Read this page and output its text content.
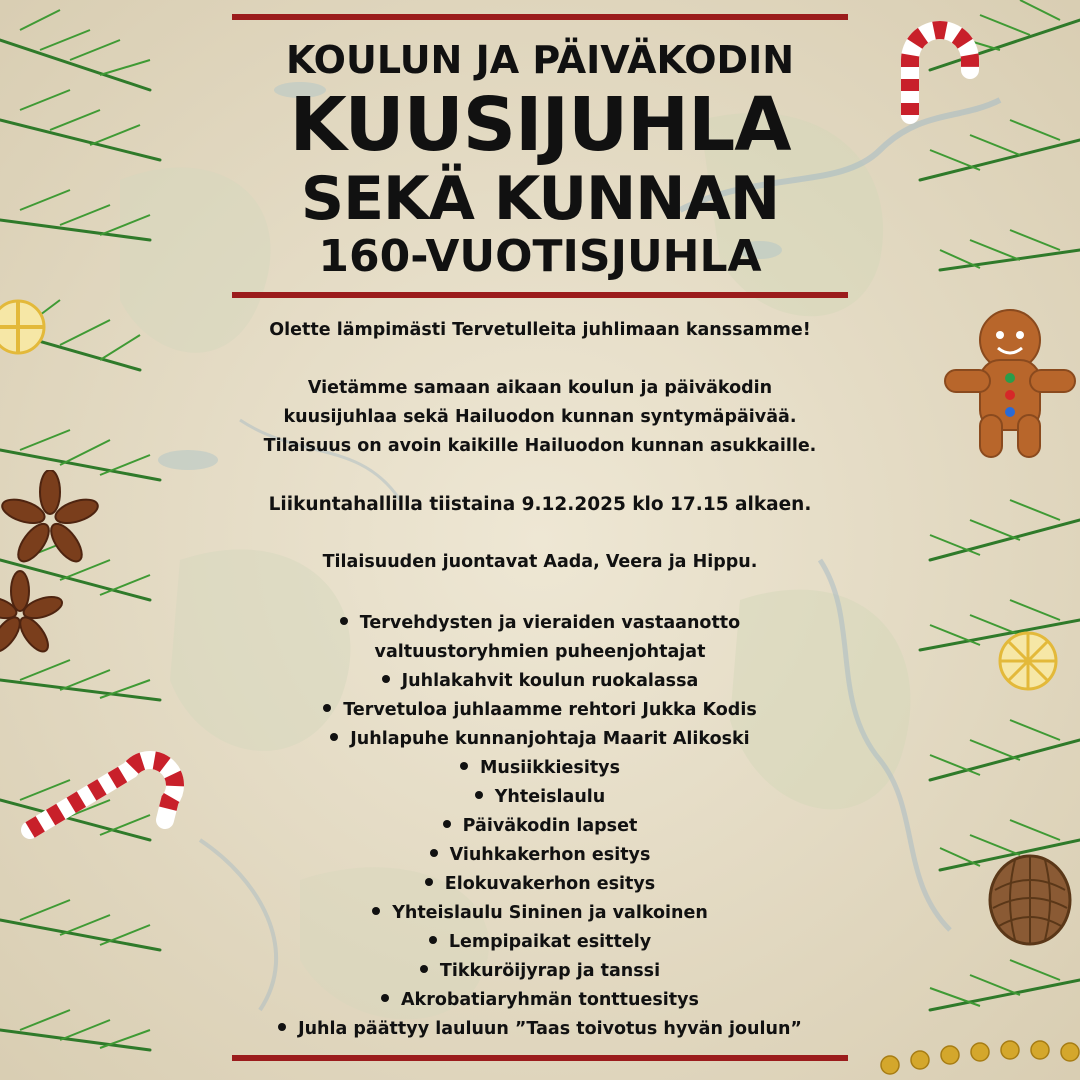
KOULUN JA PÄIVÄKODIN
KUUSIJUHLA
SEKÄ KUNNAN
160-VUOTISJUHLA

Olette lämpimästi Tervetulleita juhlimaan kanssamme!

Vietämme samaan aikaan koulun ja päiväkodin

kuusijuhlaa sekä Hailuodon kunnan syntymäpäivää.

Tilaisuus on avoin kaikille Hailuodon kunnan asukkaille.

Liikuntahallilla tiistaina 9.12.2025 klo 17.15 alkaen.

Tilaisuuden juontavat Aada, Veera ja Hippu.

Tervehdysten ja vieraiden vastaanotto
valtuustoryhmien puheenjohtajat
Juhlakahvit koulun ruokalassa
Tervetuloa juhlaamme rehtori Jukka Kodis
Juhlapuhe kunnanjohtaja Maarit Alikoski
Musiikkiesitys
Yhteislaulu
Päiväkodin lapset
Viuhkakerhon esitys
Elokuvakerhon esitys
Yhteislaulu Sininen ja valkoinen
Lempipaikat esittely
Tikkuröijyrap ja tanssi
Akrobatiaryhmän tonttuesitys
Juhla päättyy lauluun ”Taas toivotus hyvän joulun”
